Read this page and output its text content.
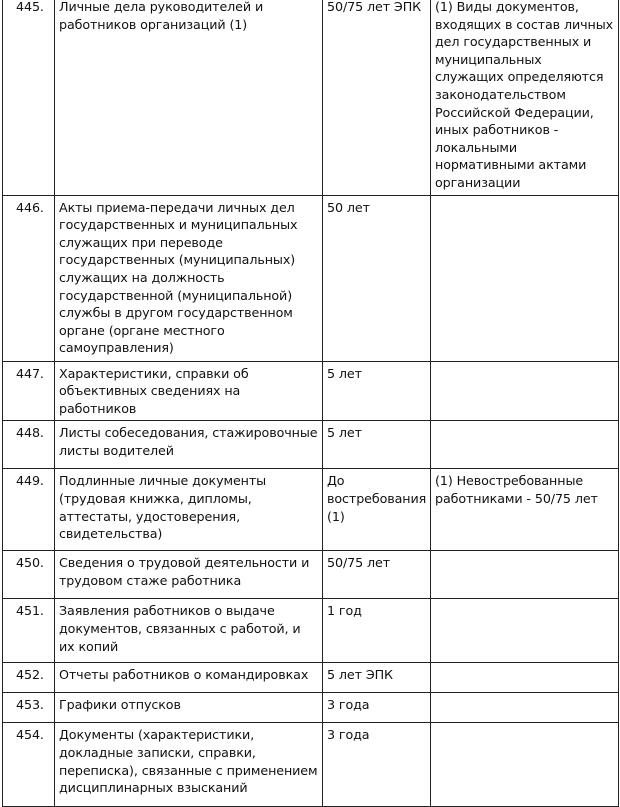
445.	Личные дела руководителей и работников организаций (1)	50/75 лет ЭПК	(1) Виды документов, входящих в состав личных дел государственных и муниципальных служащих определяются законодательством Российской Федерации, иных работников - локальными нормативными актами организации
446.	Акты приема-передачи личных дел государственных и муниципальных служащих при переводе государственных (муниципальных) служащих на должность государственной (муниципальной) службы в другом государственном органе (органе местного самоуправления)	50 лет	
447.	Характеристики, справки об объективных сведениях на работников	5 лет	
448.	Листы собеседования, стажировочные листы водителей	5 лет	
449.	Подлинные личные документы (трудовая книжка, дипломы, аттестаты, удостоверения, свидетельства)	До востребования (1)	(1) Невостребованные работниками - 50/75 лет
450.	Сведения о трудовой деятельности и трудовом стаже работника	50/75 лет	
451.	Заявления работников о выдаче документов, связанных с работой, и их копий	1 год	
452.	Отчеты работников о командировках	5 лет ЭПК	
453.	Графики отпусков	3 года	
454.	Документы (характеристики, докладные записки, справки, переписка), связанные с применением дисциплинарных взысканий	3 года	
